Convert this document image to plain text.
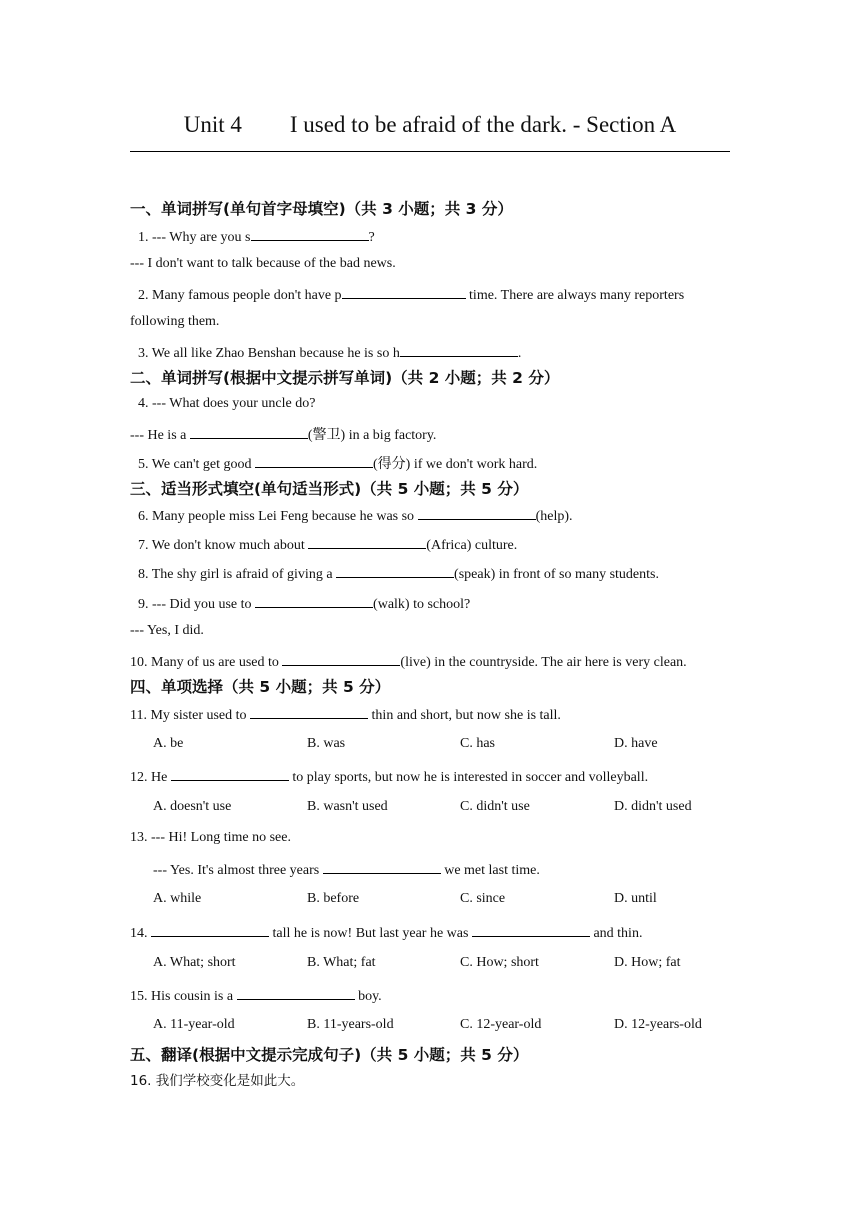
Unit 4 I used to be afraid of the dark. - Section A
一、单词拼写(单句首字母填空)（共 3 小题；共 3 分）
1. --- Why are you s	?
--- I don't want to talk because of the bad news.
2. Many famous people don't have p	time. There are always many reporters
following them.
3. We all like Zhao Benshan because he is so h	.
二、单词拼写(根据中文提示拼写单词)（共 2 小题；共 2 分）
4. --- What does your uncle do?
--- He is a	(警卫) in a big factory.
5. We can't get good	(得分) if we don't work hard.
三、适当形式填空(单句适当形式)（共 5 小题；共 5 分）
6. Many people miss Lei Feng because he was so	(help).
7. We don't know much about	(Africa) culture.
8. The shy girl is afraid of giving a	(speak) in front of so many students.
9. --- Did you use to	(walk) to school?
--- Yes, I did.
10. Many of us are used to	(live) in the countryside. The air here is very clean.
四、单项选择（共 5 小题；共 5 分）
11. My sister used to	thin and short, but now she is tall.
A. be	B. was	C. has	D. have
12. He	to play sports, but now he is interested in soccer and volleyball.
A. doesn't use	B. wasn't used	C. didn't use	D. didn't used
13. --- Hi! Long time no see.
--- Yes. It's almost three years	we met last time.
A. while	B. before	C. since	D. until
14.	tall he is now! But last year he was	and thin.
A. What; short	B. What; fat	C. How; short	D. How; fat
15. His cousin is a	boy.
A. 11-year-old	B. 11-years-old	C. 12-year-old	D. 12-years-old
五、翻译(根据中文提示完成句子)（共 5 小题；共 5 分）
16. 我们学校变化是如此大。
